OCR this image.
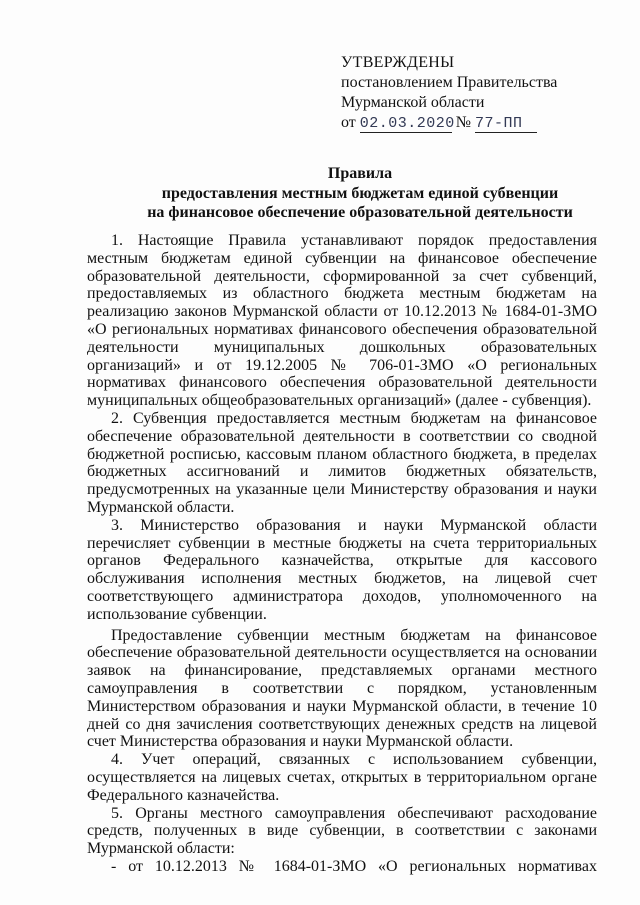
УТВЕРЖДЕНЫ
постановлением Правительства
Мурманской области
от 02.03.2020 № 77-ПП
Правила
предоставления местным бюджетам единой субвенции
на финансовое обеспечение образовательной деятельности

1. Настоящие Правила устанавливают порядок предоставления местным бюджетам единой субвенции на финансовое обеспечение образовательной деятельности, сформированной за счет субвенций, предоставляемых из областного бюджета местным бюджетам на реализацию законов Мурманской области от 10.12.2013 № 1684-01-ЗМО «О региональных нормативах финансового обеспечения образовательной деятельности муниципальных дошкольных образовательных организаций» и от 19.12.2005 № 706-01-ЗМО «О региональных нормативах финансового обеспечения образовательной деятельности муниципальных общеобразовательных организаций» (далее - субвенция).

2. Субвенция предоставляется местным бюджетам на финансовое обеспечение образовательной деятельности в соответствии со сводной бюджетной росписью, кассовым планом областного бюджета, в пределах бюджетных ассигнований и лимитов бюджетных обязательств, предусмотренных на указанные цели Министерству образования и науки Мурманской области.

3. Министерство образования и науки Мурманской области перечисляет субвенции в местные бюджеты на счета территориальных органов Федерального казначейства, открытые для кассового обслуживания исполнения местных бюджетов, на лицевой счет соответствующего администратора доходов, уполномоченного на использование субвенции.

Предоставление субвенции местным бюджетам на финансовое обеспечение образовательной деятельности осуществляется на основании заявок на финансирование, представляемых органами местного самоуправления в соответствии с порядком, установленным Министерством образования и науки Мурманской области, в течение 10 дней со дня зачисления соответствующих денежных средств на лицевой счет Министерства образования и науки Мурманской области.

4. Учет операций, связанных с использованием субвенции, осуществляется на лицевых счетах, открытых в территориальном органе Федерального казначейства.

5. Органы местного самоуправления обеспечивают расходование средств, полученных в виде субвенции, в соответствии с законами Мурманской области:

- от 10.12.2013 № 1684-01-ЗМО «О региональных нормативах
